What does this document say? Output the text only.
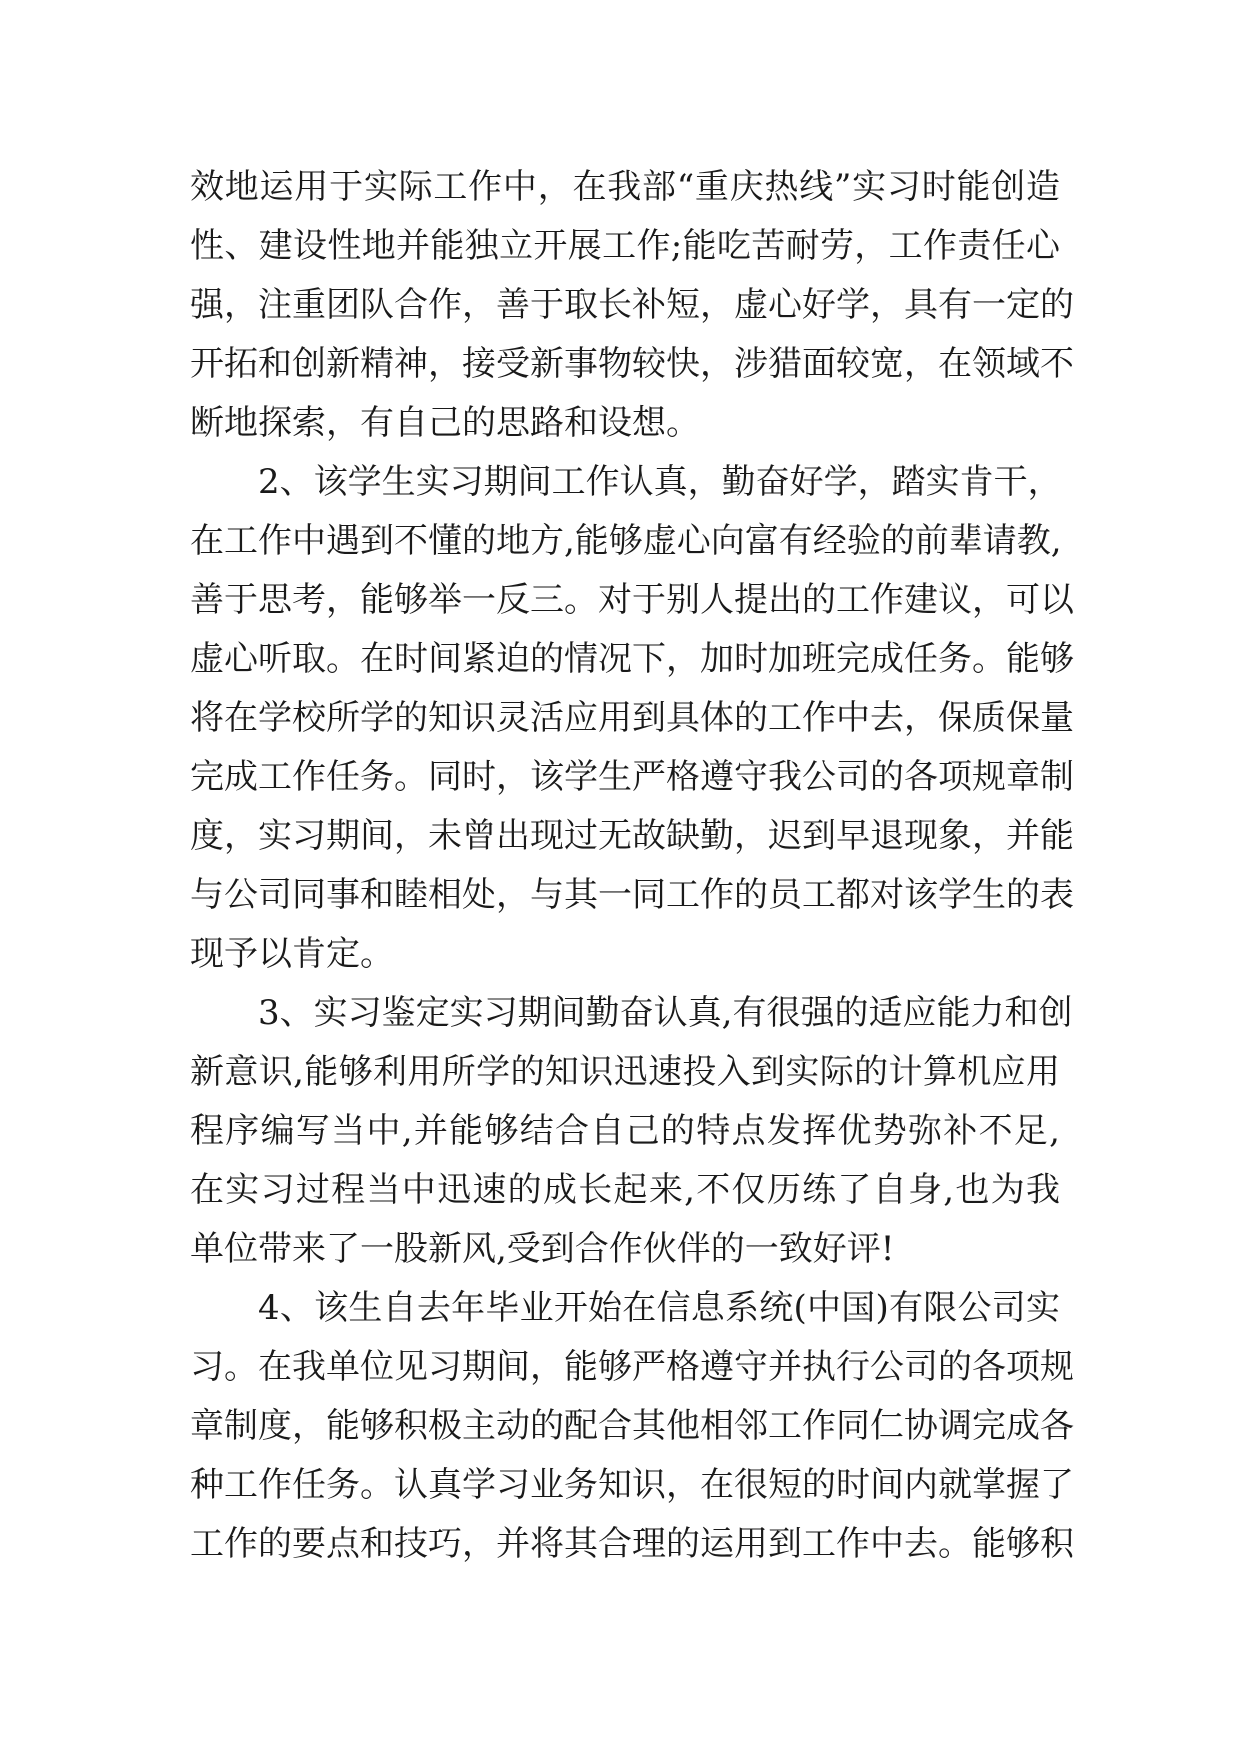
效地运用于实际工作中，在我部“重庆热线”实习时能创造
性、建设性地并能独立开展工作;能吃苦耐劳，工作责任心
强，注重团队合作，善于取长补短，虚心好学，具有一定的
开拓和创新精神，接受新事物较快，涉猎面较宽，在领域不
断地探索，有自己的思路和设想。
2、该学生实习期间工作认真，勤奋好学，踏实肯干，
在工作中遇到不懂的地方,能够虚心向富有经验的前辈请教,
善于思考，能够举一反三。对于别人提出的工作建议，可以
虚心听取。在时间紧迫的情况下，加时加班完成任务。能够
将在学校所学的知识灵活应用到具体的工作中去，保质保量
完成工作任务。同时，该学生严格遵守我公司的各项规章制
度，实习期间，未曾出现过无故缺勤，迟到早退现象，并能
与公司同事和睦相处，与其一同工作的员工都对该学生的表
现予以肯定。
3、实习鉴定实习期间勤奋认真,有很强的适应能力和创
新意识,能够利用所学的知识迅速投入到实际的计算机应用
程序编写当中,并能够结合自己的特点发挥优势弥补不足,
在实习过程当中迅速的成长起来,不仅历练了自身,也为我
单位带来了一股新风,受到合作伙伴的一致好评!
4、该生自去年毕业开始在信息系统(中国)有限公司实
习。在我单位见习期间，能够严格遵守并执行公司的各项规
章制度，能够积极主动的配合其他相邻工作同仁协调完成各
种工作任务。认真学习业务知识，在很短的时间内就掌握了
工作的要点和技巧，并将其合理的运用到工作中去。能够积
